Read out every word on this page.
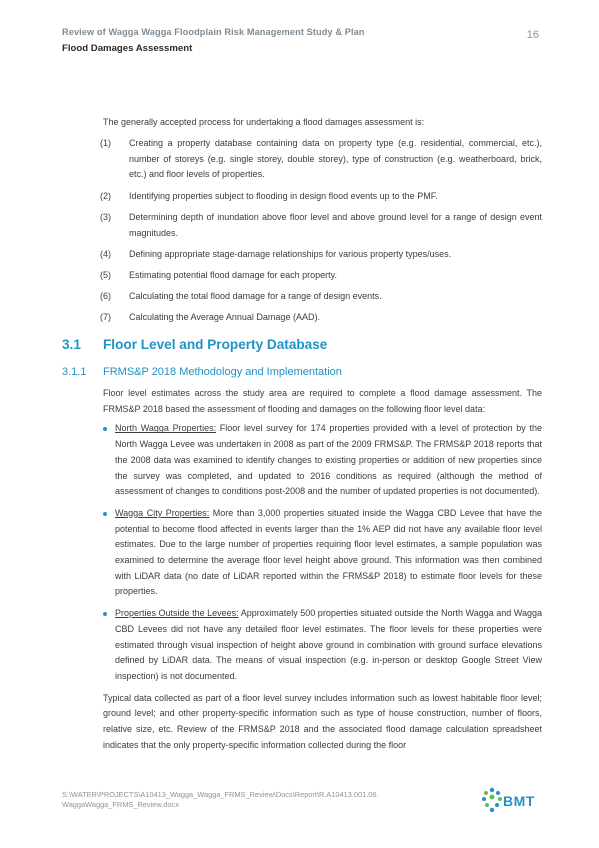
Review of Wagga Wagga Floodplain Risk Management Study & Plan
Flood Damages Assessment
16

The generally accepted process for undertaking a flood damages assessment is:

(1) Creating a property database containing data on property type (e.g. residential, commercial, etc.), number of storeys (e.g. single storey, double storey), type of construction (e.g. weatherboard, brick, etc.) and floor levels of properties.
(2) Identifying properties subject to flooding in design flood events up to the PMF.
(3) Determining depth of inundation above floor level and above ground level for a range of design event magnitudes.
(4) Defining appropriate stage-damage relationships for various property types/uses.
(5) Estimating potential flood damage for each property.
(6) Calculating the total flood damage for a range of design events.
(7) Calculating the Average Annual Damage (AAD).
3.1 Floor Level and Property Database
3.1.1 FRMS&P 2018 Methodology and Implementation

Floor level estimates across the study area are required to complete a flood damage assessment. The FRMS&P 2018 based the assessment of flooding and damages on the following floor level data:

North Wagga Properties: Floor level survey for 174 properties provided with a level of protection by the North Wagga Levee was undertaken in 2008 as part of the 2009 FRMS&P. The FRMS&P 2018 reports that the 2008 data was examined to identify changes to existing properties or addition of new properties since the survey was completed, and updated to 2016 conditions as required (although the method of assessment of changes to conditions post-2008 and the number of updated properties is not documented).
Wagga City Properties: More than 3,000 properties situated inside the Wagga CBD Levee that have the potential to become flood affected in events larger than the 1% AEP did not have any available floor level estimates. Due to the large number of properties requiring floor level estimates, a sample population was examined to determine the average floor level height above ground. This information was then combined with LiDAR data (no date of LiDAR reported within the FRMS&P 2018) to estimate floor levels for these properties.
Properties Outside the Levees: Approximately 500 properties situated outside the North Wagga and Wagga CBD Levees did not have any detailed floor level estimates. The floor levels for these properties were estimated through visual inspection of height above ground in combination with ground surface elevations defined by LiDAR data. The means of visual inspection (e.g. in-person or desktop Google Street View inspection) is not documented.

Typical data collected as part of a floor level survey includes information such as lowest habitable floor level; ground level; and other property-specific information such as type of house construction, number of floors, relative size, etc. Review of the FRMS&P 2018 and the associated flood damage calculation spreadsheet indicates that the only property-specific information collected during the floor

S:\WATER\PROJECTS\A10413_Wagga_Wagga_FRMS_Review\Docs\Report\R.A10413.001.06.
WaggaWagga_FRMS_Review.docx	BMT
